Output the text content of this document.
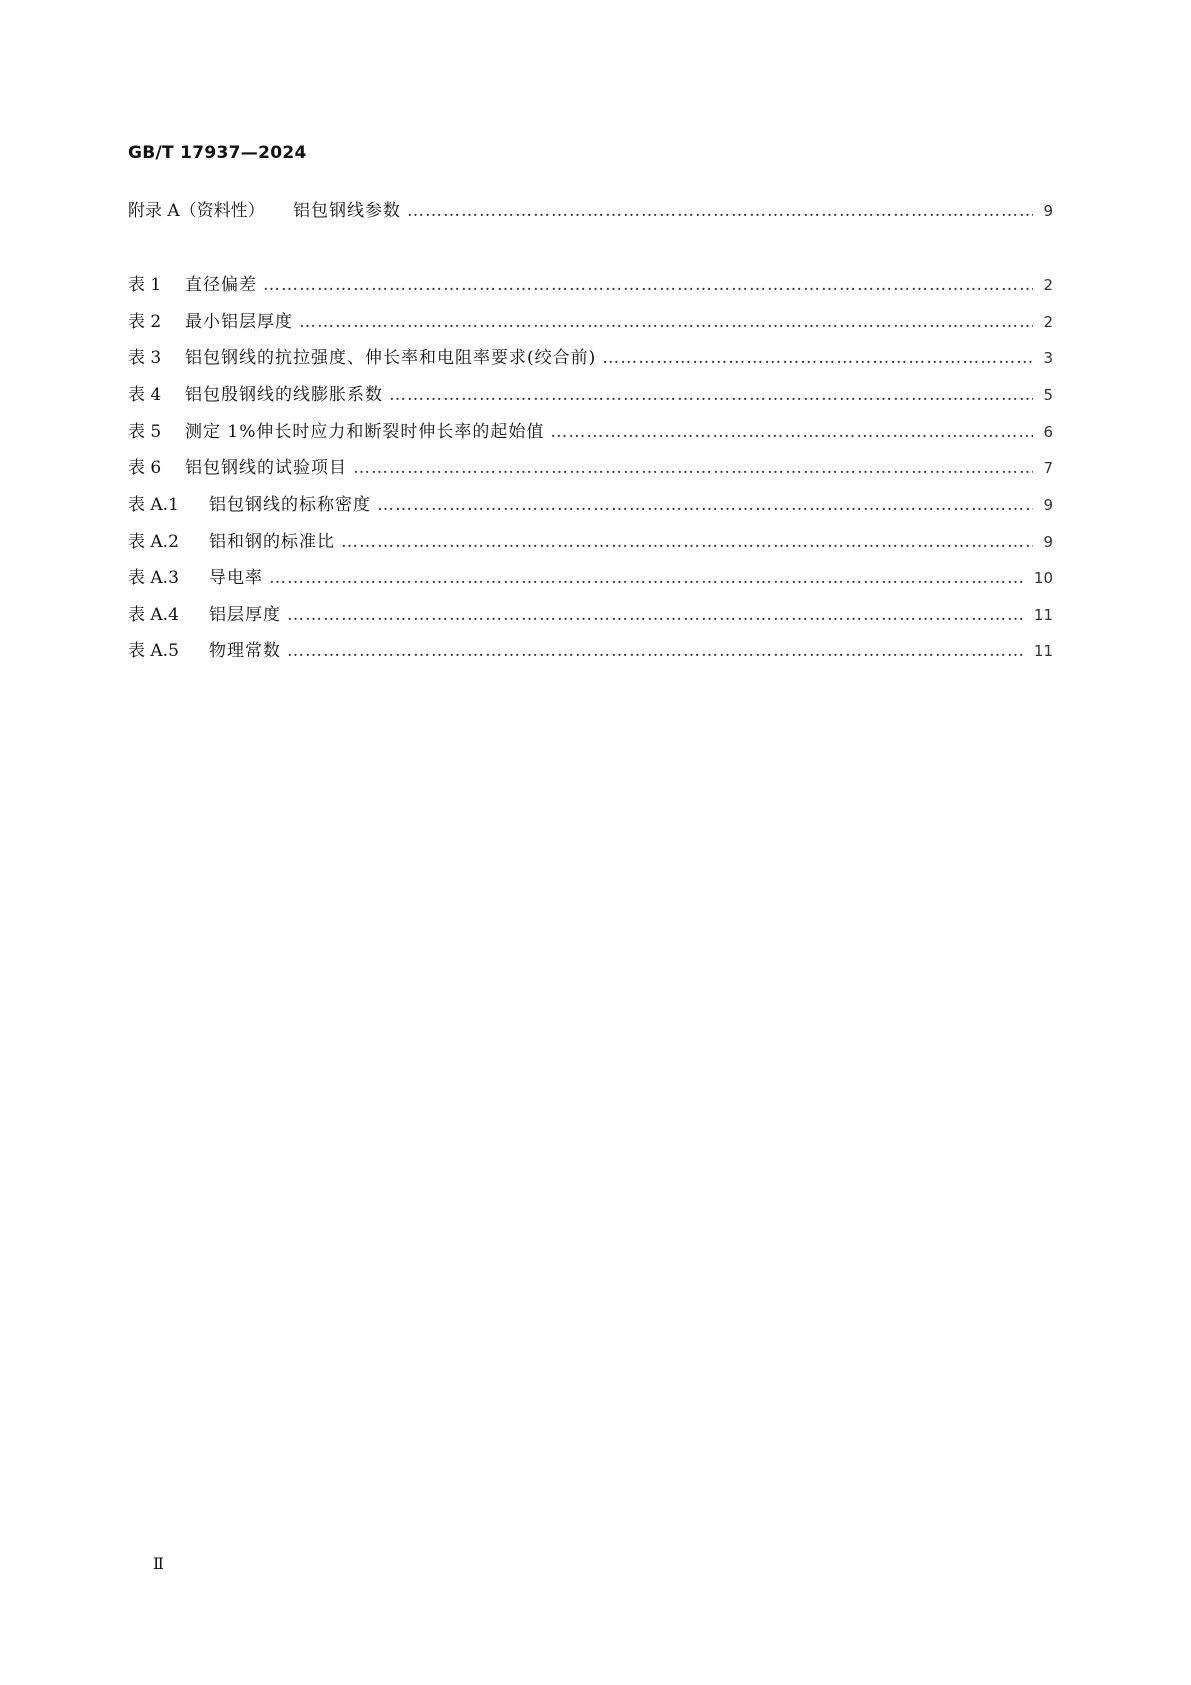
GB/T 17937—2024
附录 A（资料性） 铝包钢线参数 ……………………………………………………………………………………………………………………………………………………………………………………………………………………………………………………	9
表 1 直径偏差 ……………………………………………………………………………………………………………………………………………………………………………………………………………………………………………………	2
表 2 最小铝层厚度 ……………………………………………………………………………………………………………………………………………………………………………………………………………………………………………………	2
表 3 铝包钢线的抗拉强度、伸长率和电阻率要求(绞合前) ……………………………………………………………………………………………………………………………………………………………………………………………………………………………………………………	3
表 4 铝包殷钢线的线膨胀系数 ……………………………………………………………………………………………………………………………………………………………………………………………………………………………………………………	5
表 5 测定 1%伸长时应力和断裂时伸长率的起始值 ……………………………………………………………………………………………………………………………………………………………………………………………………………………………………………………	6
表 6 铝包钢线的试验项目 ……………………………………………………………………………………………………………………………………………………………………………………………………………………………………………………	7
表 A.1 铝包钢线的标称密度 ……………………………………………………………………………………………………………………………………………………………………………………………………………………………………………………	9
表 A.2 铝和钢的标准比 ……………………………………………………………………………………………………………………………………………………………………………………………………………………………………………………	9
表 A.3 导电率 ……………………………………………………………………………………………………………………………………………………………………………………………………………………………………………………	10
表 A.4 铝层厚度 ……………………………………………………………………………………………………………………………………………………………………………………………………………………………………………………	11
表 A.5 物理常数 ……………………………………………………………………………………………………………………………………………………………………………………………………………………………………………………	11
Ⅱ
